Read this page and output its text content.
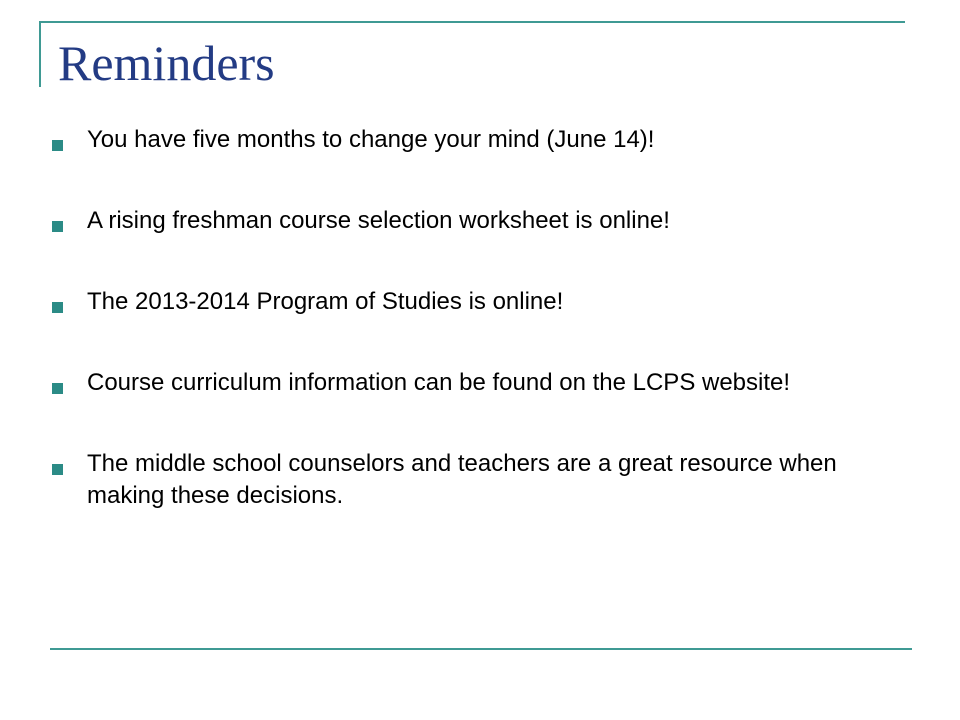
Reminders
You have five months to change your mind (June 14)!
A rising freshman course selection worksheet is online!
The 2013-2014 Program of Studies is online!
Course curriculum information can be found on the LCPS website!
The middle school counselors and teachers are a great resource when making these decisions.
